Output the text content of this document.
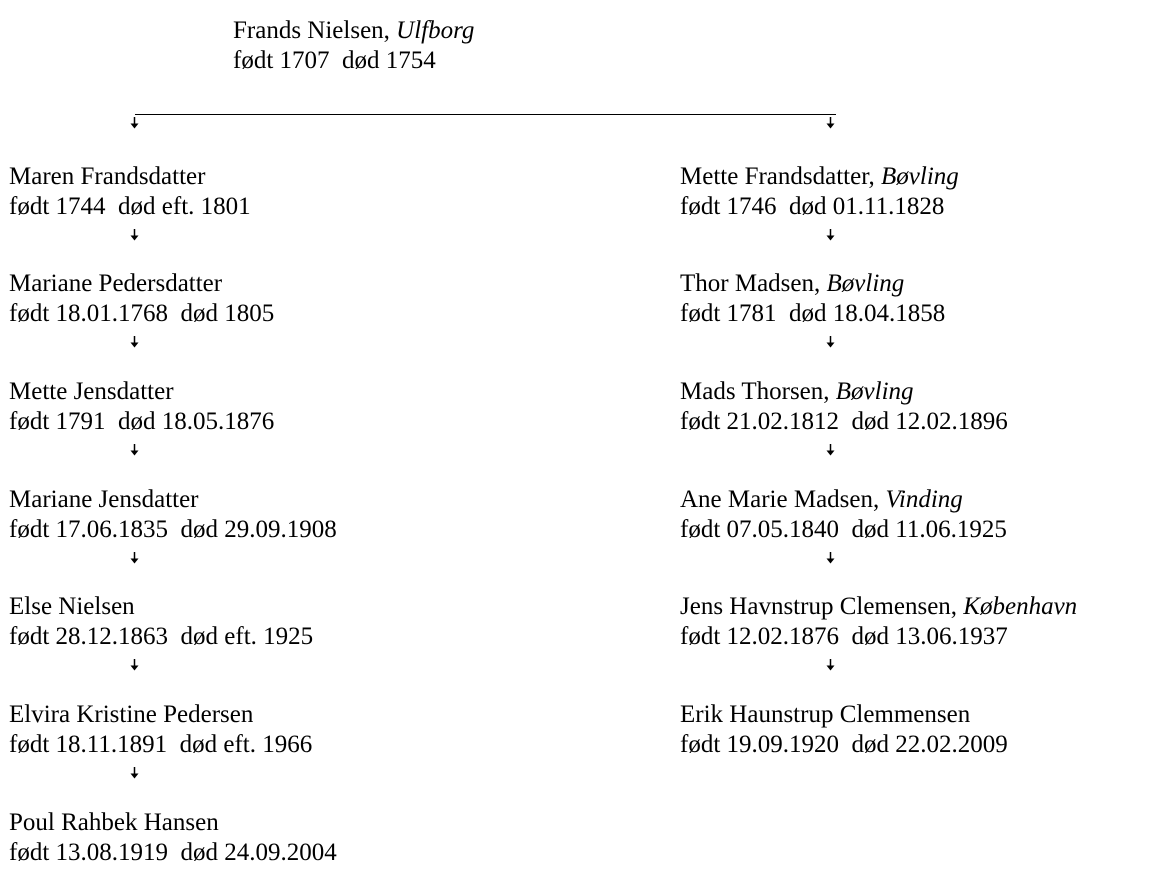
Frands Nielsen, Ulfborg
født 1707  død 1754
Maren Frandsdatter
født 1744  død eft. 1801
Mariane Pedersdatter
født 18.01.1768  død 1805
Mette Jensdatter
født 1791  død 18.05.1876
Mariane Jensdatter
født 17.06.1835  død 29.09.1908
Else Nielsen
født 28.12.1863  død eft. 1925
Elvira Kristine Pedersen
født 18.11.1891  død eft. 1966
Poul Rahbek Hansen
født 13.08.1919  død 24.09.2004
Mette Frandsdatter, Bøvling
født 1746  død 01.11.1828
Thor Madsen, Bøvling
født 1781  død 18.04.1858
Mads Thorsen, Bøvling
født 21.02.1812  død 12.02.1896
Ane Marie Madsen, Vinding
født 07.05.1840  død 11.06.1925
Jens Havnstrup Clemensen, København
født 12.02.1876  død 13.06.1937
Erik Haunstrup Clemmensen
født 19.09.1920  død 22.02.2009
